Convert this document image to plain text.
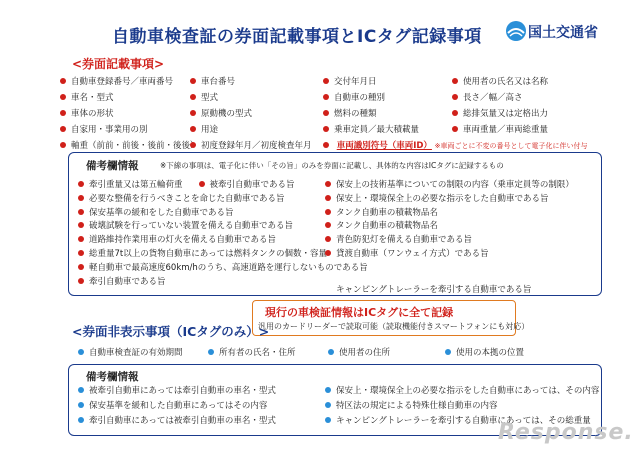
自動車検査証の券面記載事項とICタグ記録事項	国土交通省
<券面記載事項>
自動車登録番号／車両番号
車名・型式
車体の形状
自家用・事業用の別
軸重（前前・前後・後前・後後）
車台番号
型式
原動機の型式
用途
初度登録年月／初度検査年月
交付年月日
自動車の種別
燃料の種類
乗車定員／最大積載量
車両識別符号（車両ID） ※車両ごとに不変の番号として電子化に伴い付与
使用者の氏名又は名称
長さ／幅／高さ
総排気量又は定格出力
車両重量／車両総重量
備考欄情報	※下線の事項は、電子化に伴い「その旨」のみを券面に記載し、具体的な内容はICタグに記録するもの
牽引重量又は第五輪荷重	被牽引自動車である旨
必要な整備を行うべきことを命じた自動車である旨
保安基準の緩和をした自動車である旨
破壊試験を行っていない装置を備える自動車である旨
道路維持作業用車の灯火を備える自動車である旨
総重量7t以上の貨物自動車にあっては燃料タンクの個数・容量
軽自動車で最高速度60km/hのうち、高速道路を運行しないものである旨
牽引自動車である旨
保安上の技術基準についての制限の内容（乗車定員等の制限）
保安上・環境保全上の必要な指示をした自動車である旨
タンク自動車の積載物品名
タンク自動車の積載物品名
青色防犯灯を備える自動車である旨
貸渡自動車（ワンウェイ方式）である旨
キャンピングトレーラーを牽引する自動車である旨
現行の車検証情報はICタグに全て記録
汎用のカードリーダーで読取可能（読取機能付きスマートフォンにも対応）
<券面非表示事項（ICタグのみ）>
自動車検査証の有効期間	所有者の氏名・住所	使用者の住所	使用の本拠の位置
備考欄情報
被牽引自動車にあっては牽引自動車の車名・型式
保安基準を緩和した自動車にあってはその内容
牽引自動車にあっては被牽引自動車の車名・型式
保安上・環境保全上の必要な指示をした自動車にあっては、その内容
特区法の規定による特殊仕様自動車の内容
キャンピングトレーラーを牽引する自動車にあっては、その総重量
Response.
